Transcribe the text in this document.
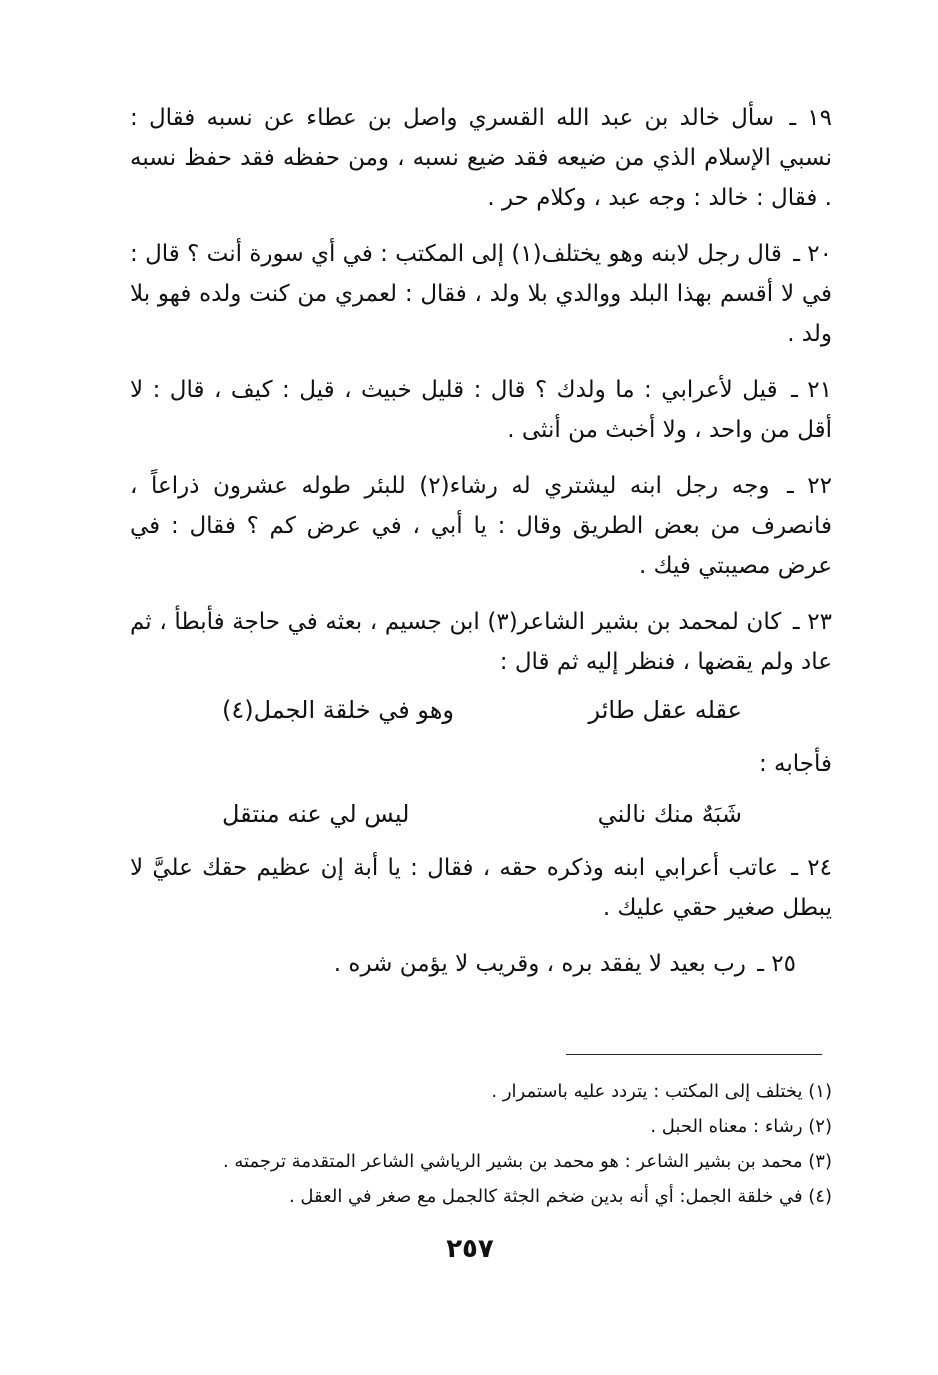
١٩ ـ سأل خالد بن عبد الله القسري واصل بن عطاء عن نسبه فقال : نسبي الإسلام الذي من ضيعه فقد ضيع نسبه ، ومن حفظه فقد حفظ نسبه . فقال : خالد : وجه عبد ، وكلام حر .

٢٠ ـ قال رجل لابنه وهو يختلف(١) إلى المكتب : في أي سورة أنت ؟ قال : في لا أقسم بهذا البلد ووالدي بلا ولد ، فقال : لعمري من كنت ولده فهو بلا ولد .

٢١ ـ قيل لأعرابي : ما ولدك ؟ قال : قليل خبيث ، قيل : كيف ، قال : لا أقل من واحد ، ولا أخبث من أنثى .

٢٢ ـ وجه رجل ابنه ليشتري له رشاء(٢) للبئر طوله عشرون ذراعاً ، فانصرف من بعض الطريق وقال : يا أبي ، في عرض كم ؟ فقال : في عرض مصيبتي فيك .

٢٣ ـ كان لمحمد بن بشير الشاعر(٣) ابن جسيم ، بعثه في حاجة فأبطأ ، ثم عاد ولم يقضها ، فنظر إليه ثم قال :

عقله عقل طائر
وهو في خلقة الجمل(٤)

فأجابه :

شَبَهٌ منك نالني
ليس لي عنه منتقل

٢٤ ـ عاتب أعرابي ابنه وذكره حقه ، فقال : يا أبة إن عظيم حقك عليَّ لا يبطل صغير حقي عليك .

٢٥ ـ رب بعيد لا يفقد بره ، وقريب لا يؤمن شره .

(١) يختلف إلى المكتب : يتردد عليه باستمرار .

(٢) رشاء : معناه الحبل .

(٣) محمد بن بشير الشاعر : هو محمد بن بشير الرياشي الشاعر المتقدمة ترجمته .

(٤) في خلقة الجمل: أي أنه بدين ضخم الجثة كالجمل مع صغر في العقل .

٢٥٧
